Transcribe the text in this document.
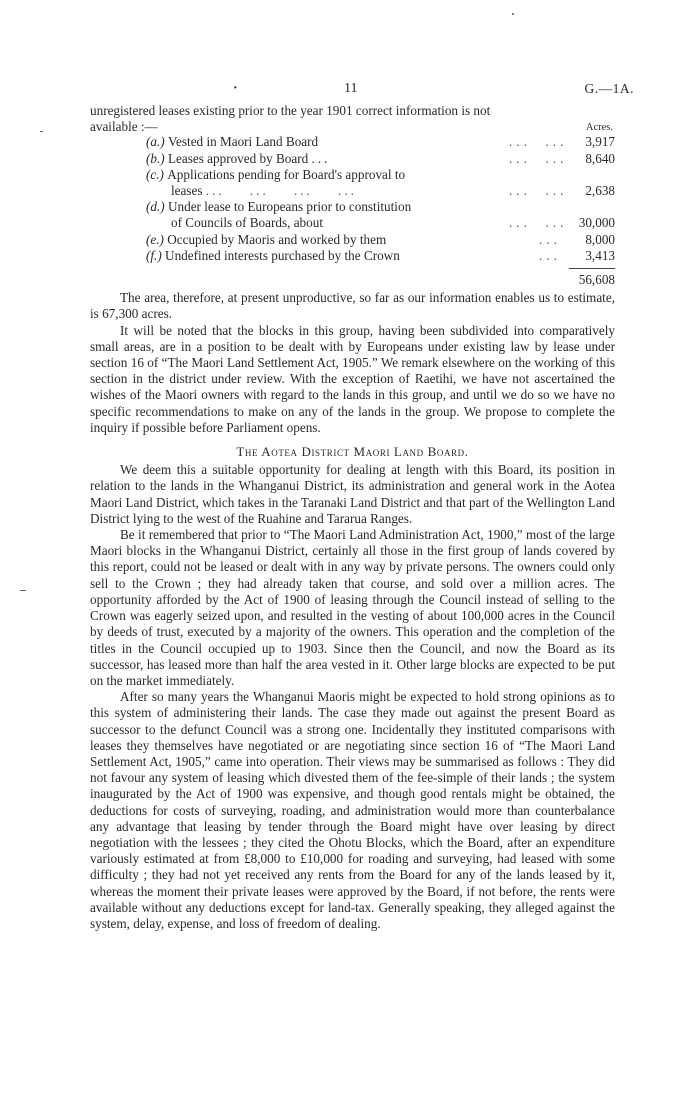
·	11	G.—1A.
unregistered leases existing prior to the year 1901 correct information is not
available :—	Acres.
(a.) Vested in Maori Land Board	...  ...	3,917
(b.) Leases approved by Board ...	...  ...	8,640
(c.) Applications pending for Board's approval to
leases ...    ...    ...    ...	...  ...	2,638
(d.) Under lease to Europeans prior to constitution
of Councils of Boards, about	...  ... 30,000
(e.) Occupied by Maoris and worked by them	...	8,000
(f.) Undefined interests purchased by the Crown	...	3,413
56,608

The area, therefore, at present unproductive, so far as our information enables us to estimate, is 67,300 acres.

It will be noted that the blocks in this group, having been subdivided into comparatively small areas, are in a position to be dealt with by Europeans under existing law by lease under section 16 of “The Maori Land Settlement Act, 1905.” We remark elsewhere on the working of this section in the district under review. With the exception of Raetihi, we have not ascertained the wishes of the Maori owners with regard to the lands in this group, and until we do so we have no specific recommendations to make on any of the lands in the group. We propose to complete the inquiry if possible before Parliament opens.

The Aotea District Maori Land Board.

We deem this a suitable opportunity for dealing at length with this Board, its position in relation to the lands in the Whanganui District, its administration and general work in the Aotea Maori Land District, which takes in the Taranaki Land District and that part of the Wellington Land District lying to the west of the Ruahine and Tararua Ranges.

Be it remembered that prior to “The Maori Land Administration Act, 1900,” most of the large Maori blocks in the Whanganui District, certainly all those in the first group of lands covered by this report, could not be leased or dealt with in any way by private persons. The owners could only sell to the Crown ; they had already taken that course, and sold over a million acres. The opportunity afforded by the Act of 1900 of leasing through the Council instead of selling to the Crown was eagerly seized upon, and resulted in the vesting of about 100,000 acres in the Council by deeds of trust, executed by a majority of the owners. This operation and the completion of the titles in the Council occupied up to 1903. Since then the Council, and now the Board as its successor, has leased more than half the area vested in it. Other large blocks are expected to be put on the market immediately.

After so many years the Whanganui Maoris might be expected to hold strong opinions as to this system of administering their lands. The case they made out against the present Board as successor to the defunct Council was a strong one. Incidentally they instituted comparisons with leases they themselves have negotiated or are negotiating since section 16 of “The Maori Land Settlement Act, 1905,” came into operation. Their views may be summarised as follows : They did not favour any system of leasing which divested them of the fee-simple of their lands ; the system inaugurated by the Act of 1900 was expensive, and though good rentals might be obtained, the deductions for costs of surveying, roading, and administration would more than counterbalance any advantage that leasing by tender through the Board might have over leasing by direct negotiation with the lessees ; they cited the Ohotu Blocks, which the Board, after an expenditure variously estimated at from £8,000 to £10,000 for roading and surveying, had leased with some difficulty ; they had not yet received any rents from the Board for any of the lands leased by it, whereas the moment their private leases were approved by the Board, if not before, the rents were available without any deductions except for land-tax. Generally speaking, they alleged against the system, delay, expense, and loss of freedom of dealing.
